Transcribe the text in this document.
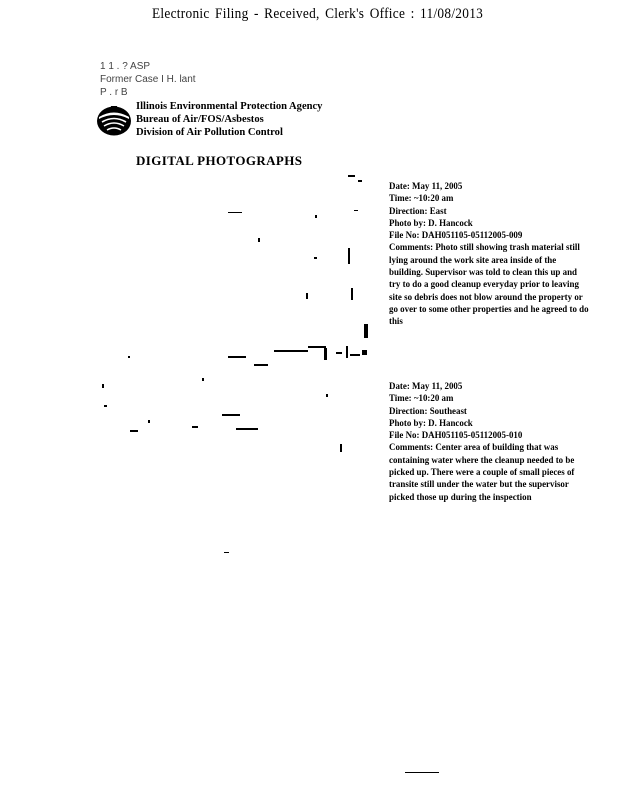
Electronic Filing - Received, Clerk's Office : 11/08/2013
1 1 . ? ASP
Former Case I H. lant
P . r B
Illinois Environmental Protection Agency
Bureau of Air/FOS/Asbestos
Division of Air Pollution Control
DIGITAL PHOTOGRAPHS
Date: May 11, 2005
Time: ~10:20 am
Direction: East
Photo by: D. Hancock
File No: DAH051105-05112005-009
Comments: Photo still showing trash material still lying around the work site area inside of the building. Supervisor was told to clean this up and try to do a good cleanup everyday prior to leaving site so debris does not blow around the property or go over to some other properties and he agreed to do this
Date: May 11, 2005
Time: ~10:20 am
Direction: Southeast
Photo by: D. Hancock
File No: DAH051105-05112005-010
Comments: Center area of building that was containing water where the cleanup needed to be picked up. There were a couple of small pieces of transite still under the water but the supervisor picked those up during the inspection
